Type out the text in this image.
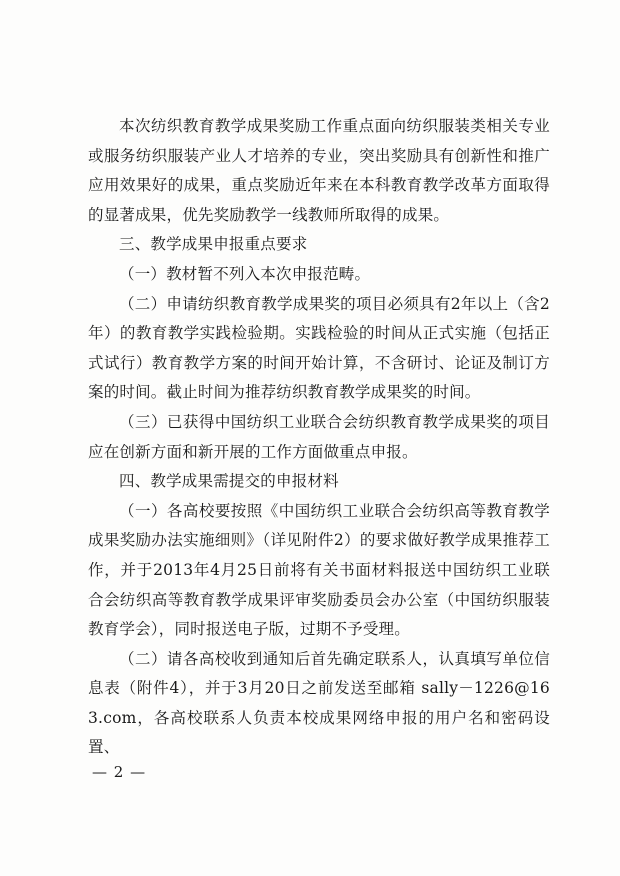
本次纺织教育教学成果奖励工作重点面向纺织服装类相关专业或服务纺织服装产业人才培养的专业，突出奖励具有创新性和推广应用效果好的成果，重点奖励近年来在本科教育教学改革方面取得的显著成果，优先奖励教学一线教师所取得的成果。

三、教学成果申报重点要求

（一）教材暂不列入本次申报范畴。

（二）申请纺织教育教学成果奖的项目必须具有2年以上（含2年）的教育教学实践检验期。实践检验的时间从正式实施（包括正式试行）教育教学方案的时间开始计算，不含研讨、论证及制订方案的时间。截止时间为推荐纺织教育教学成果奖的时间。

（三）已获得中国纺织工业联合会纺织教育教学成果奖的项目应在创新方面和新开展的工作方面做重点申报。

四、教学成果需提交的申报材料

（一）各高校要按照《中国纺织工业联合会纺织高等教育教学成果奖励办法实施细则》（详见附件2）的要求做好教学成果推荐工作，并于2013年4月25日前将有关书面材料报送中国纺织工业联合会纺织高等教育教学成果评审奖励委员会办公室（中国纺织服装教育学会），同时报送电子版，过期不予受理。

（二）请各高校收到通知后首先确定联系人，认真填写单位信息表（附件4），并于3月20日之前发送至邮箱 sally－1226@163.com，各高校联系人负责本校成果网络申报的用户名和密码设置、

— 2 —
